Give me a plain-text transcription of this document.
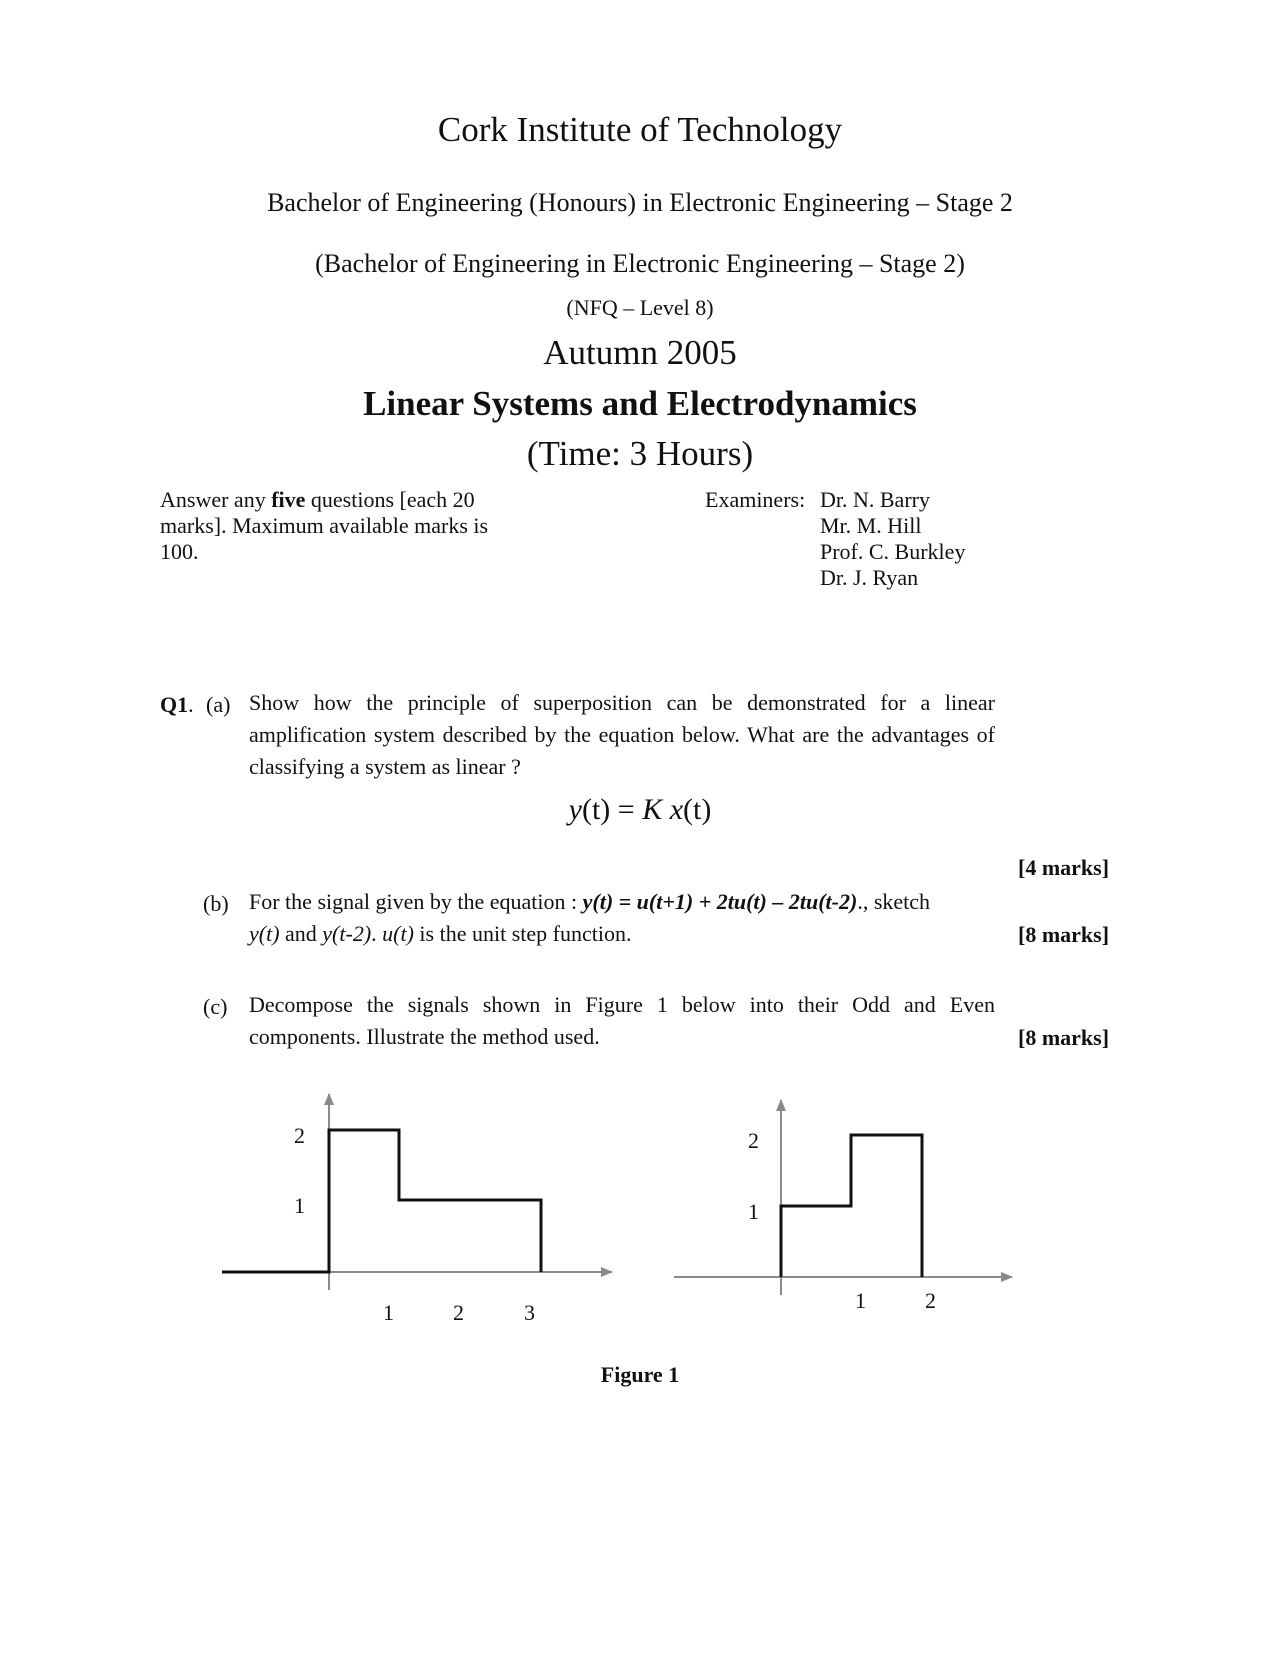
Cork Institute of Technology
Bachelor of Engineering (Honours) in Electronic Engineering – Stage 2
(Bachelor of Engineering in Electronic Engineering – Stage 2)
(NFQ – Level 8)
Autumn 2005
Linear Systems and Electrodynamics
(Time: 3 Hours)
Answer any five questions [each 20 marks]. Maximum available marks is 100.
Examiners: Dr. N. Barry
Mr. M. Hill
Prof. C. Burkley
Dr. J. Ryan
Q1. (a) Show how the principle of superposition can be demonstrated for a linear amplification system described by the equation below. What are the advantages of classifying a system as linear ?
y(t) = K x(t)
[4 marks]
(b) For the signal given by the equation : y(t) = u(t+1) + 2tu(t) – 2tu(t-2)., sketch
y(t) and y(t-2). u(t) is the unit step function.	[8 marks]
(c) Decompose the signals shown in Figure 1 below into their Odd and Even components. Illustrate the method used.	[8 marks]
2
1
1	2	3
2
1
1	2
Figure 1
